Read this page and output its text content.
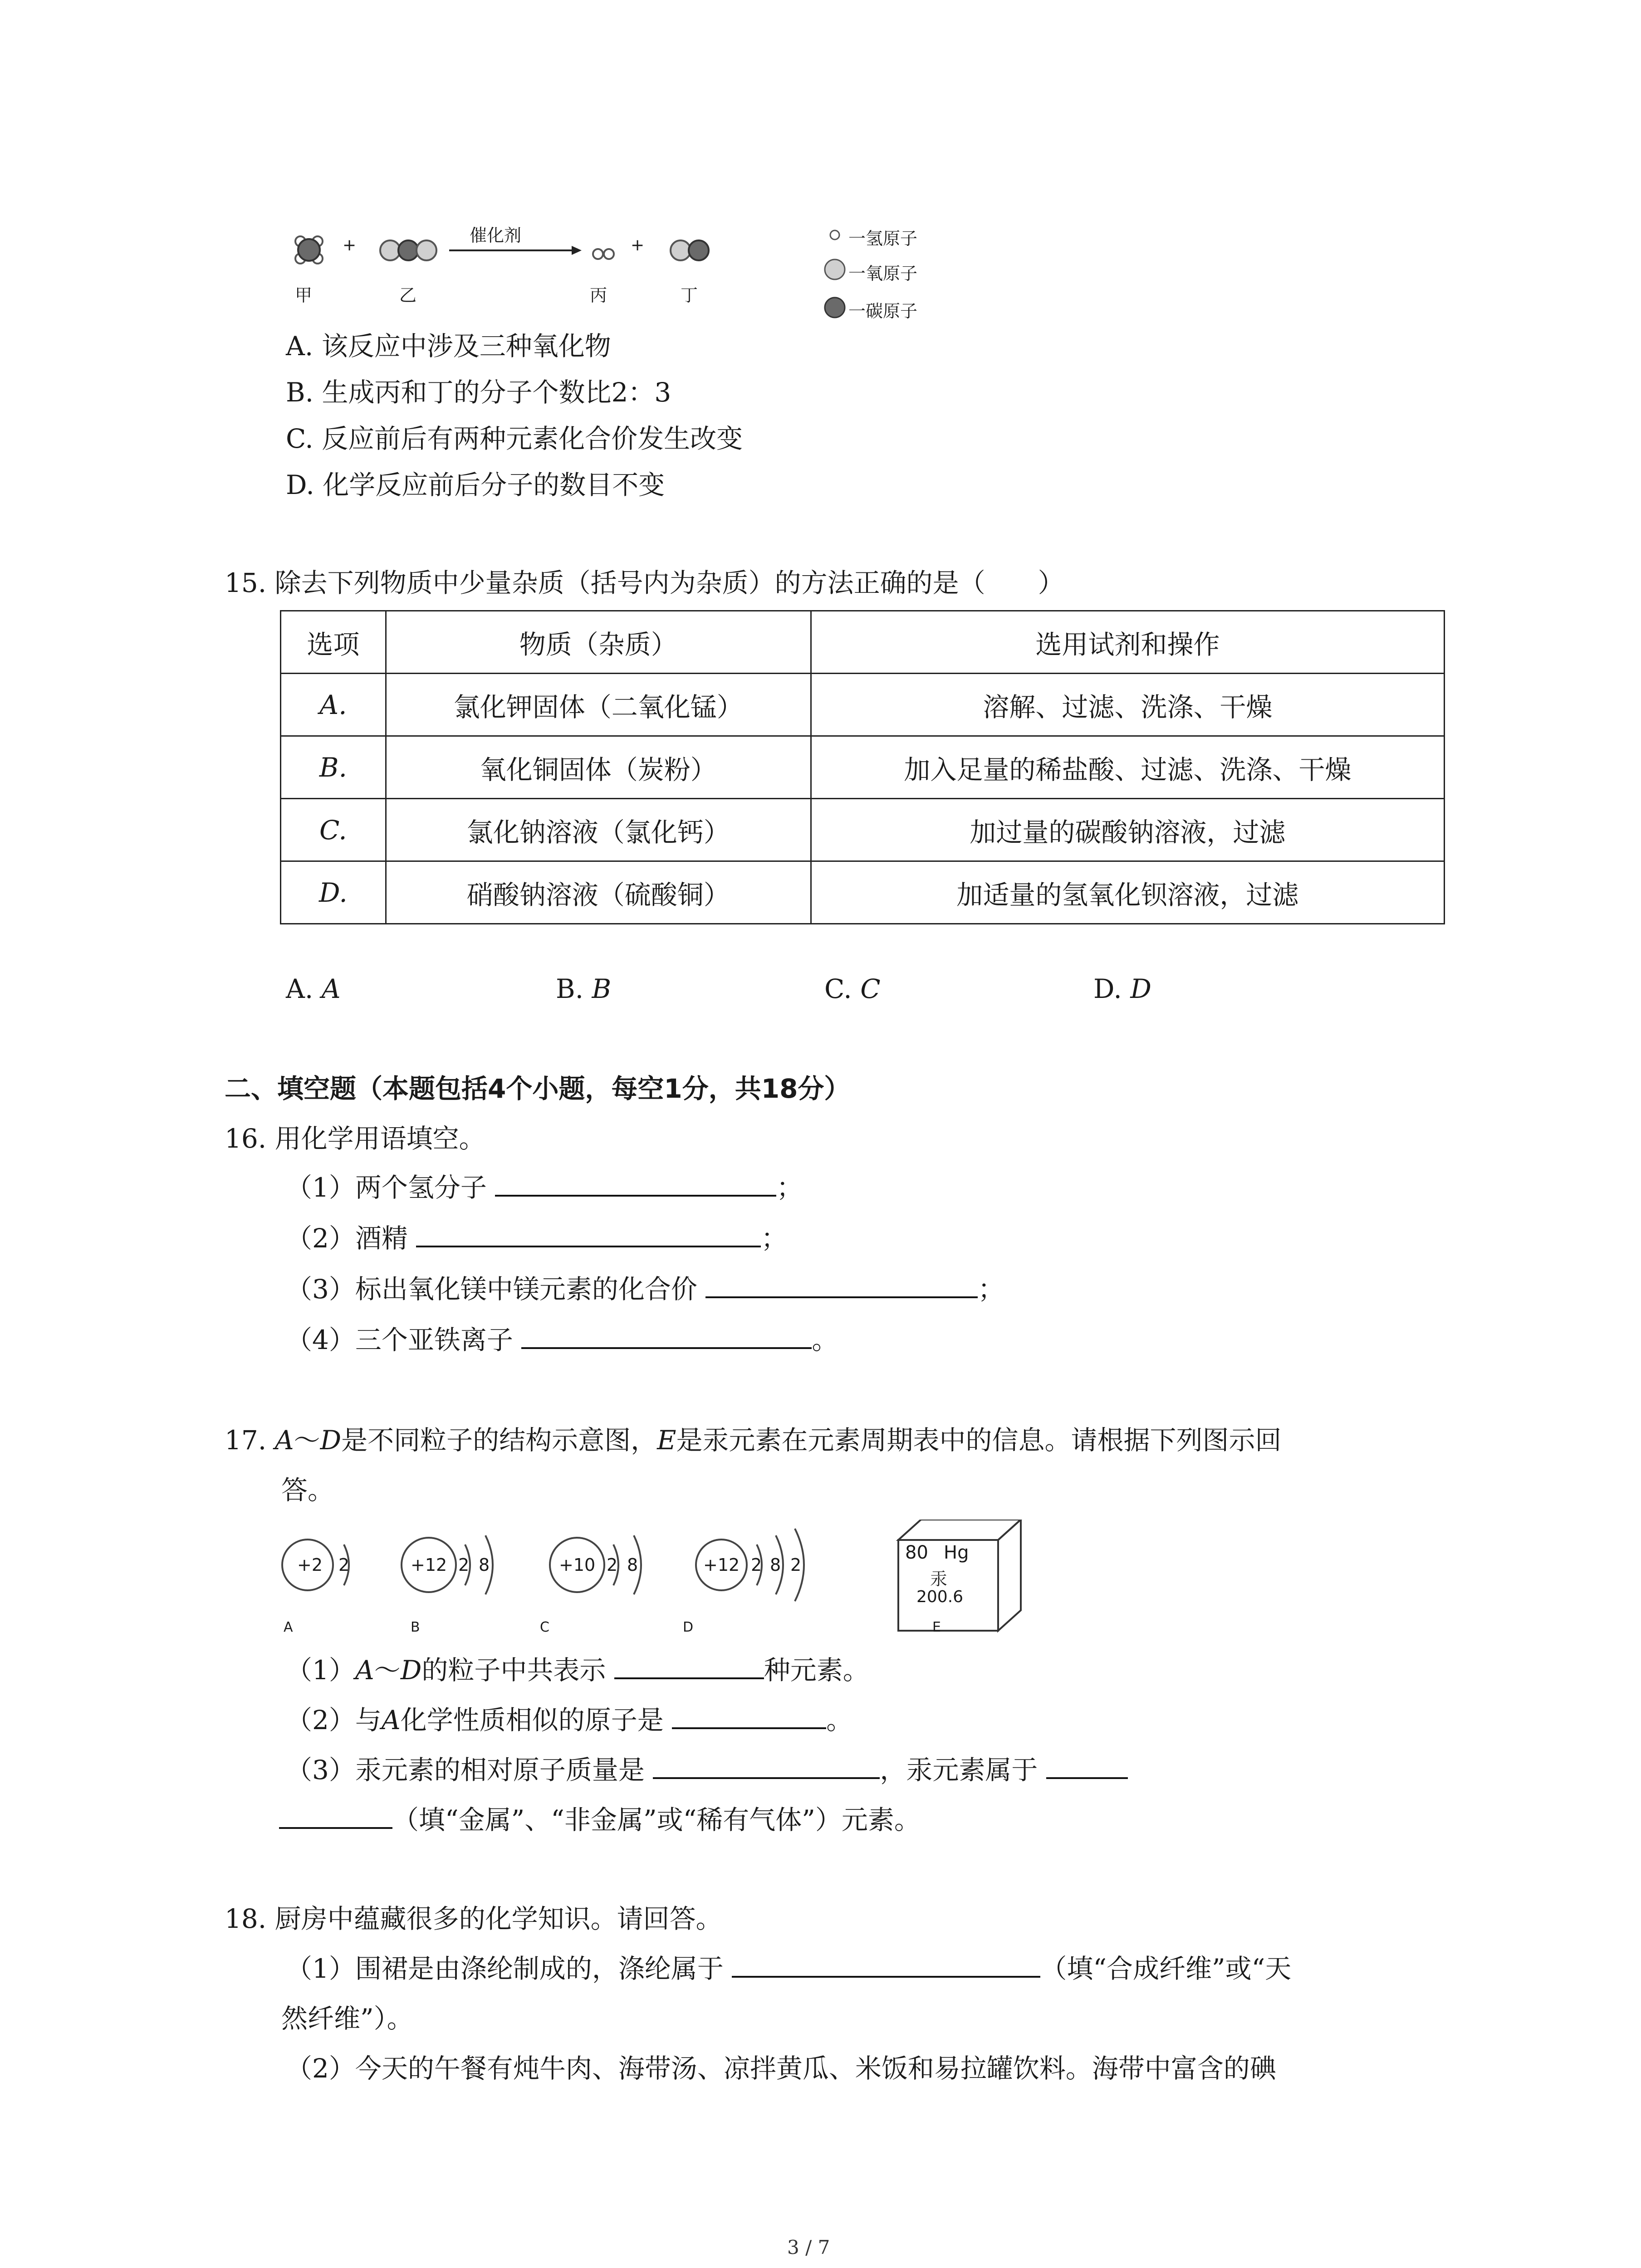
+	+
催化剂
甲	乙	丙	丁
一氢原子
一氧原子
一碳原子
A. 该反应中涉及三种氧化物
B. 生成丙和丁的分子个数比2：3
C. 反应前后有两种元素化合价发生改变
D. 化学反应前后分子的数目不变
15. 除去下列物质中少量杂质（括号内为杂质）的方法正确的是（　　）
选项	物质（杂质）	选用试剂和操作
A.	氯化钾固体（二氧化锰）	溶解、过滤、洗涤、干燥
B.	氧化铜固体（炭粉）	加入足量的稀盐酸、过滤、洗涤、干燥
C.	氯化钠溶液（氯化钙）	加过量的碳酸钠溶液，过滤
D.	硝酸钠溶液（硫酸铜）	加适量的氢氧化钡溶液，过滤
A. A	B. B	C. C	D. D
二、填空题（本题包括4个小题，每空1分，共18分）
16. 用化学用语填空。
（1）两个氢分子	；
（2）酒精	；
（3）标出氧化镁中镁元素的化合价	；
（4）三个亚铁离子	。
17. A～D是不同粒子的结构示意图，E是汞元素在元素周期表中的信息。请根据下列图示回
答。
+2 2	+12 2 8	+10 2 8	+12 2 8 2
80 Hg
汞
200.6
A	B	C	D	E
（1）A～D的粒子中共表示	种元素。
（2）与A化学性质相似的原子是	。
（3）汞元素的相对原子质量是	，汞元素属于
（填“金属”、“非金属”或“稀有气体”）元素。
18. 厨房中蕴藏很多的化学知识。请回答。
（1）围裙是由涤纶制成的，涤纶属于	（填“合成纤维”或“天
然纤维”）。
（2）今天的午餐有炖牛肉、海带汤、凉拌黄瓜、米饭和易拉罐饮料。海带中富含的碘
3 / 7
